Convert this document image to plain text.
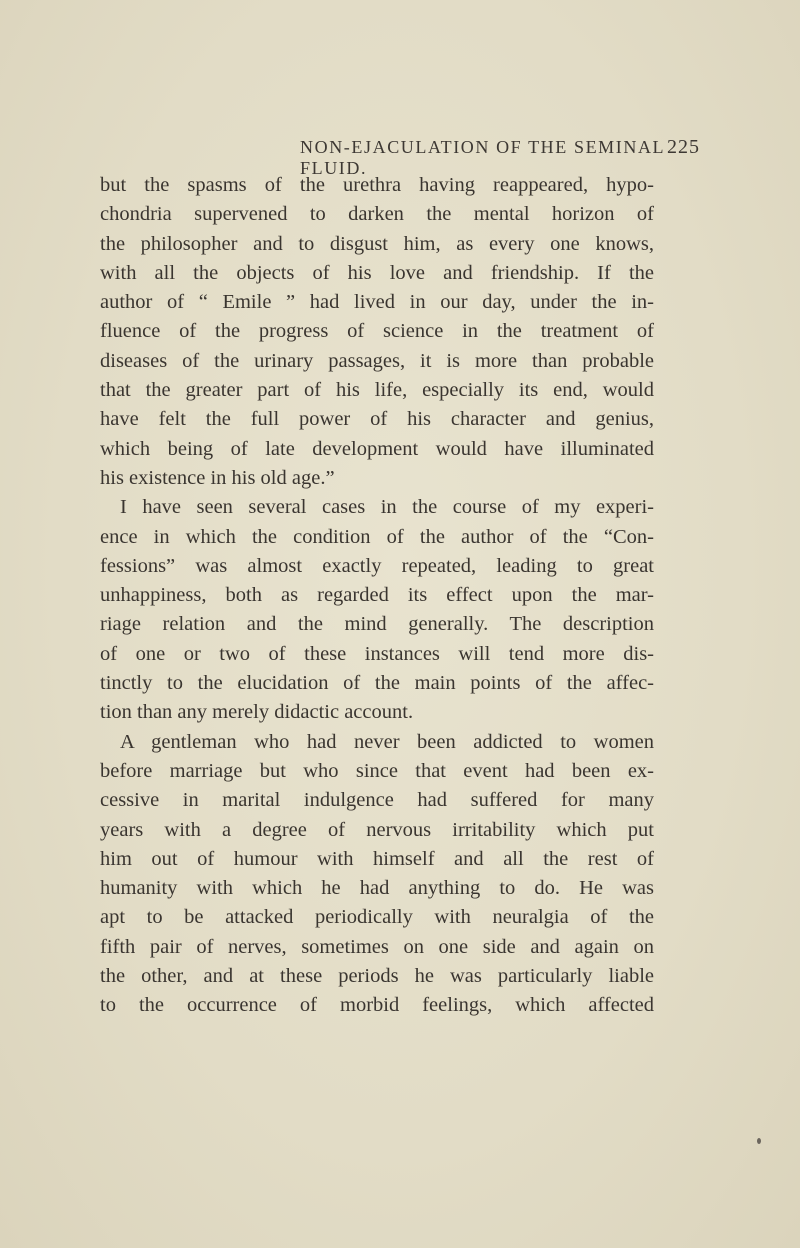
NON-EJACULATION OF THE SEMINAL FLUID.
225
but the spasms of the urethra having reappeared, hypo-
chondria supervened to darken the mental horizon of
the philosopher and to disgust him, as every one knows,
with all the objects of his love and friendship. If the
author of “ Emile ” had lived in our day, under the in-
fluence of the progress of science in the treatment of
diseases of the urinary passages, it is more than probable
that the greater part of his life, especially its end, would
have felt the full power of his character and genius,
which being of late development would have illuminated
his existence in his old age.”
I have seen several cases in the course of my experi-
ence in which the condition of the author of the “Con-
fessions” was almost exactly repeated, leading to great
unhappiness, both as regarded its effect upon the mar-
riage relation and the mind generally. The description
of one or two of these instances will tend more dis-
tinctly to the elucidation of the main points of the affec-
tion than any merely didactic account.
A gentleman who had never been addicted to women
before marriage but who since that event had been ex-
cessive in marital indulgence had suffered for many
years with a degree of nervous irritability which put
him out of humour with himself and all the rest of
humanity with which he had anything to do. He was
apt to be attacked periodically with neuralgia of the
fifth pair of nerves, sometimes on one side and again on
the other, and at these periods he was particularly liable
to the occurrence of morbid feelings, which affected
